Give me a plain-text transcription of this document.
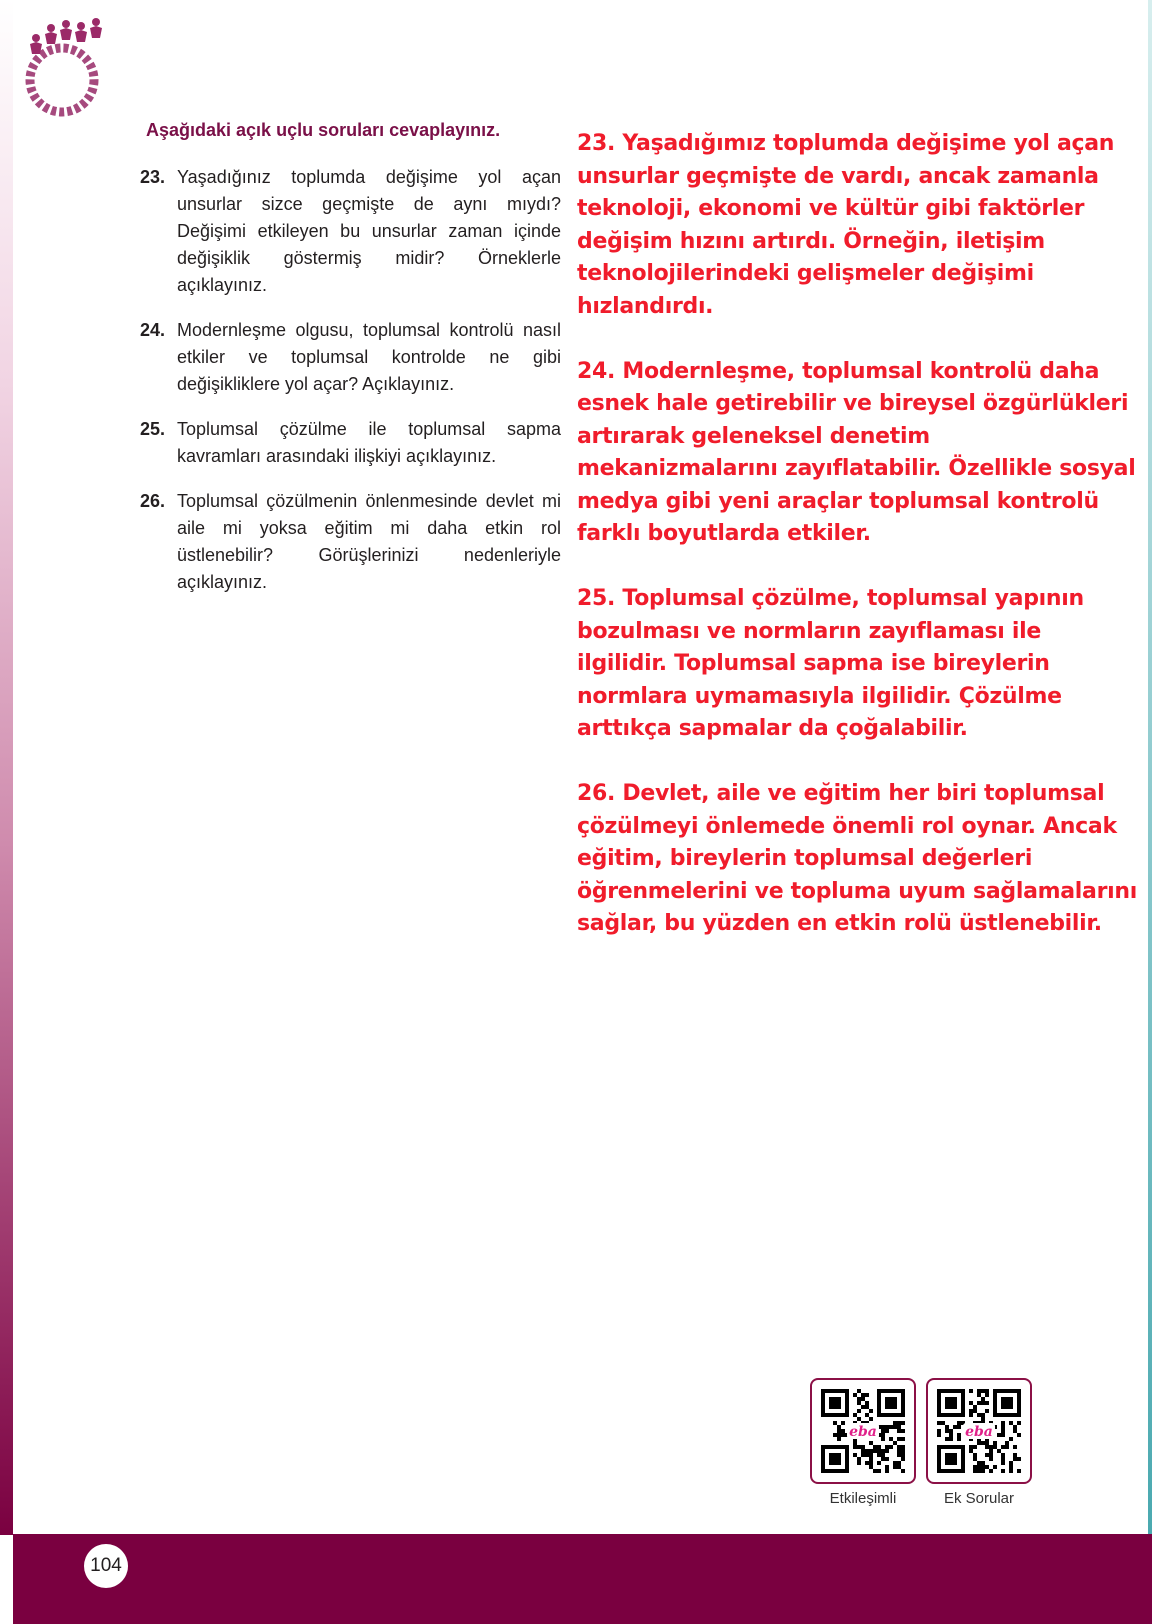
Aşağıdaki açık uçlu soruları cevaplayınız.
23. Yaşadığınız toplumda değişime yol açan unsurlar sizce geçmişte de aynı mıydı? Değişimi etkileyen bu unsurlar zaman içinde değişiklik göstermiş midir? Örneklerle açıklayınız.
24. Modernleşme olgusu, toplumsal kontrolü nasıl etkiler ve toplumsal kontrolde ne gibi değişikliklere yol açar? Açıklayınız.
25. Toplumsal çözülme ile toplumsal sapma kavramları arasındaki ilişkiyi açıklayınız.
26. Toplumsal çözülmenin önlenmesinde devlet mi aile mi yoksa eğitim mi daha etkin rol üstlenebilir? Görüşlerinizi nedenleriyle açıklayınız.

23. Yaşadığımız toplumda değişime yol açan unsurlar geçmişte de vardı, ancak zamanla teknoloji, ekonomi ve kültür gibi faktörler değişim hızını artırdı. Örneğin, iletişim teknolojilerindeki gelişmeler değişimi hızlandırdı.

24. Modernleşme, toplumsal kontrolü daha esnek hale getirebilir ve bireysel özgürlükleri artırarak geleneksel denetim mekanizmalarını zayıflatabilir. Özellikle sosyal medya gibi yeni araçlar toplumsal kontrolü farklı boyutlarda etkiler.

25. Toplumsal çözülme, toplumsal yapının bozulması ve normların zayıflaması ile ilgilidir. Toplumsal sapma ise bireylerin normlara uymamasıyla ilgilidir. Çözülme arttıkça sapmalar da çoğalabilir.

26. Devlet, aile ve eğitim her biri toplumsal çözülmeyi önlemede önemli rol oynar. Ancak eğitim, bireylerin toplumsal değerleri öğrenmelerini ve topluma uyum sağlamalarını sağlar, bu yüzden en etkin rolü üstlenebilir.

eba
Etkileşimli
eba
Ek Sorular
104
